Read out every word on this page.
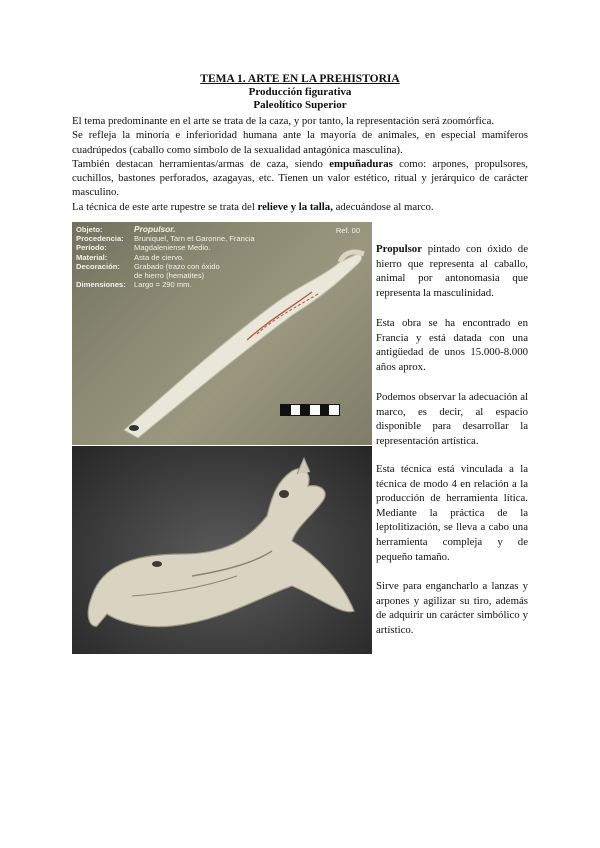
TEMA 1. ARTE EN LA PREHISTORIA
Producción figurativa
Paleolítico Superior

El tema predominante en el arte se trata de la caza, y por tanto, la representación será zoomórfica.

Se refleja la minoría e inferioridad humana ante la mayoría de animales, en especial mamíferos cuadrúpedos (caballo como símbolo de la sexualidad antagónica masculina).

También destacan herramientas/armas de caza, siendo empuñaduras como: arpones, propulsores, cuchillos, bastones perforados, azagayas, etc. Tienen un valor estético, ritual y jerárquico de carácter masculino.

La técnica de este arte rupestre se trata del relieve y la talla, adecuándose al marco.

Objeto:	Propulsor.
Procedencia:	Bruniquel, Tarn et Garonne, Francia
Período:	Magdaleniense Medio.
Material:	Asta de ciervo.
Decoración:	Grabado (trazo con óxido
de hierro (hematites)
Dimensiones:	Largo = 290 mm.
Ref. 00

Propulsor pintado con óxido de hierro que representa al caballo, animal por antonomasia que representa la masculinidad.

Esta obra se ha encontrado en Francia y está datada con una antigüedad de unos 15.000-8.000 años aprox.

Podemos observar la adecuación al marco, es decir, al espacio disponible para desarrollar la representación artística.

Esta técnica está vinculada a la técnica de modo 4 en relación a la producción de herramienta lítica. Mediante la práctica de la leptolitización, se lleva a cabo una herramienta compleja y de pequeño tamaño.

Sirve para engancharlo a lanzas y arpones y agilizar su tiro, además de adquirir un carácter simbólico y artístico.
